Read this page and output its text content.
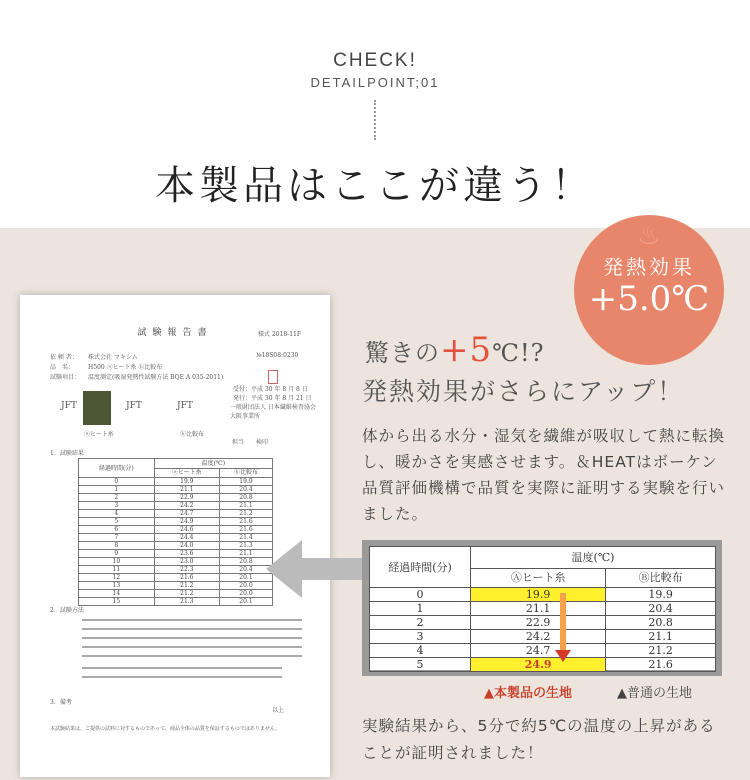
CHECK!
DETAILPOINT;01
本製品はここが違う！
試験報告書	様式 2018-11F
依 頼 者： 株式会社 マキシム
品　名： H500 ⓐヒート糸 ⓑ比較布
試験項目： 温度測定(吸湿発熱性試験方法 BQE A 035-2011)
№18S08:0230
受付：平成 30 年 8 月 8 日
発行：平成 30 年 8 月 21 日
一般財団法人 日本繊維検査協会
大阪事業所
JFT	JFT	JFT
ⓐヒート糸	ⓑ比較布
担当　　検印
1．試験結果
経過時間(分)	温度(℃)	
	ⓐヒート糸	ⓑ比較布
0	19.9	19.9
1	21.1	20.4
2	22.9	20.8
3	24.2	21.1
4	24.7	21.2
5	24.9	21.6
6	24.6	21.6
7	24.4	21.4
8	24.0	21.3
9	23.6	21.1
10	23.0	20.8
11	22.3	20.4
12	21.6	20.1
13	21.2	20.0
14	21.2	20.0
15	21.3	20.1
2．試験方法
3．備考
以上
本試験結果は、ご提供の試料に対するものであって、商品全体の品質を保証するものではありません。
♨
発熱効果
+5.0℃
驚きの+5℃!?
発熱効果がさらにアップ！
体から出る水分・湿気を繊維が吸収して熱に転換し、暖かさを実感させます。＆HEATはボーケン品質評価機構で品質を実際に証明する実験を行いました。
経過時間(分)	温度(℃)	
	Ⓐヒート糸	Ⓑ比較布
0	19.9	19.9
1	21.1	20.4
2	22.9	20.8
3	24.2	21.1
4	24.7	21.2
5	24.9	21.6
▲本製品の生地	▲普通の生地
実験結果から、5分で約5℃の温度の上昇があることが証明されました！
